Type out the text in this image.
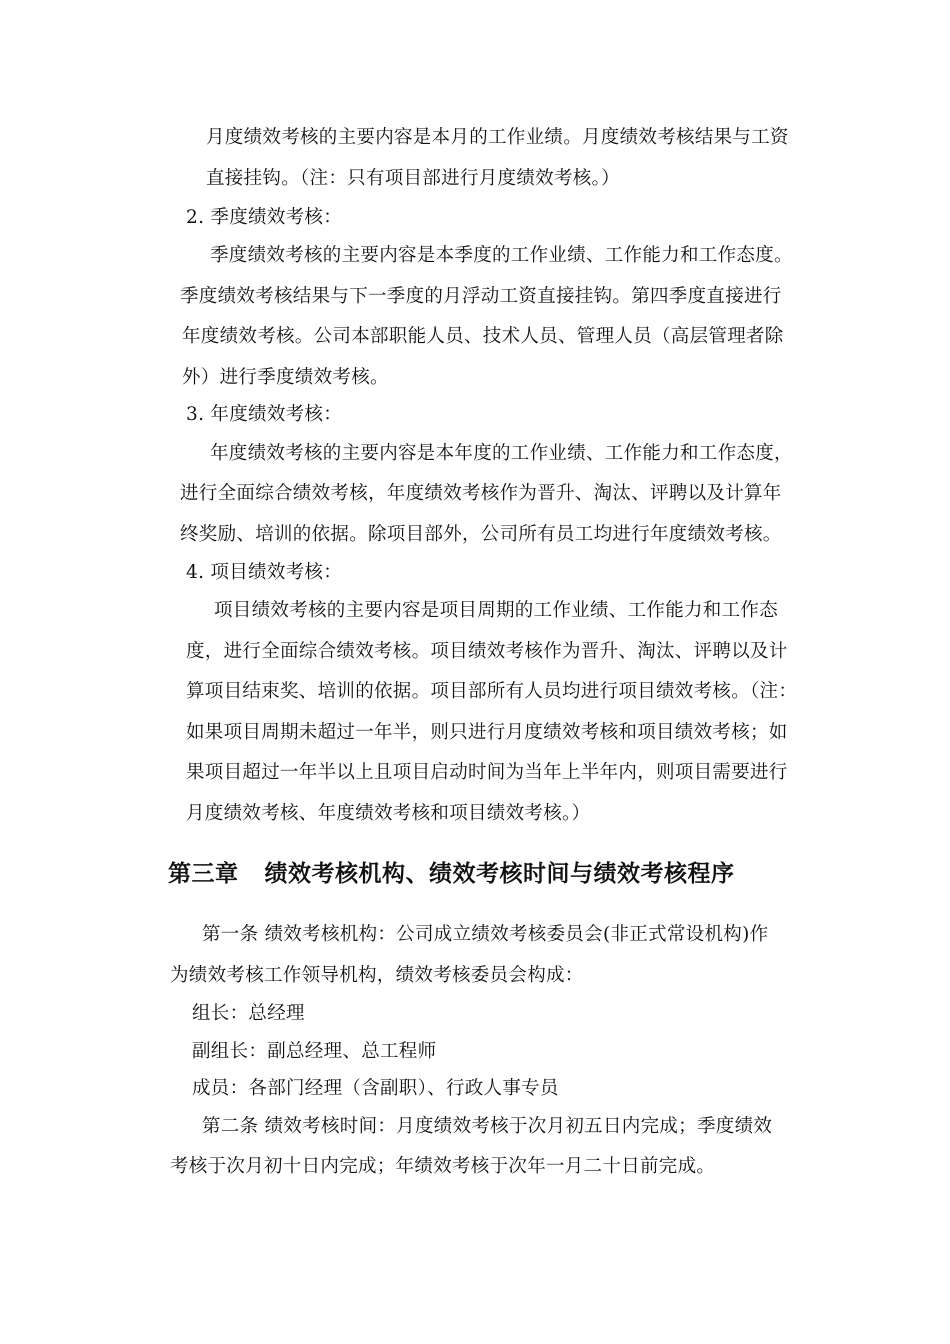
月度绩效考核的主要内容是本月的工作业绩。月度绩效考核结果与工资
直接挂钩。（注：只有项目部进行月度绩效考核。）
2. 季度绩效考核：
季度绩效考核的主要内容是本季度的工作业绩、工作能力和工作态度。
季度绩效考核结果与下一季度的月浮动工资直接挂钩。第四季度直接进行
年度绩效考核。公司本部职能人员、技术人员、管理人员（高层管理者除
外）进行季度绩效考核。
3. 年度绩效考核：
年度绩效考核的主要内容是本年度的工作业绩、工作能力和工作态度，
进行全面综合绩效考核，年度绩效考核作为晋升、淘汰、评聘以及计算年
终奖励、培训的依据。除项目部外，公司所有员工均进行年度绩效考核。
4. 项目绩效考核：
项目绩效考核的主要内容是项目周期的工作业绩、工作能力和工作态
度，进行全面综合绩效考核。项目绩效考核作为晋升、淘汰、评聘以及计
算项目结束奖、培训的依据。项目部所有人员均进行项目绩效考核。（注：
如果项目周期未超过一年半，则只进行月度绩效考核和项目绩效考核；如
果项目超过一年半以上且项目启动时间为当年上半年内，则项目需要进行
月度绩效考核、年度绩效考核和项目绩效考核。）
第三章 绩效考核机构、绩效考核时间与绩效考核程序
第一条 绩效考核机构：公司成立绩效考核委员会(非正式常设机构)作
为绩效考核工作领导机构，绩效考核委员会构成：
组长：总经理
副组长：副总经理、总工程师
成员：各部门经理（含副职）、行政人事专员
第二条 绩效考核时间：月度绩效考核于次月初五日内完成；季度绩效
考核于次月初十日内完成；年绩效考核于次年一月二十日前完成。
